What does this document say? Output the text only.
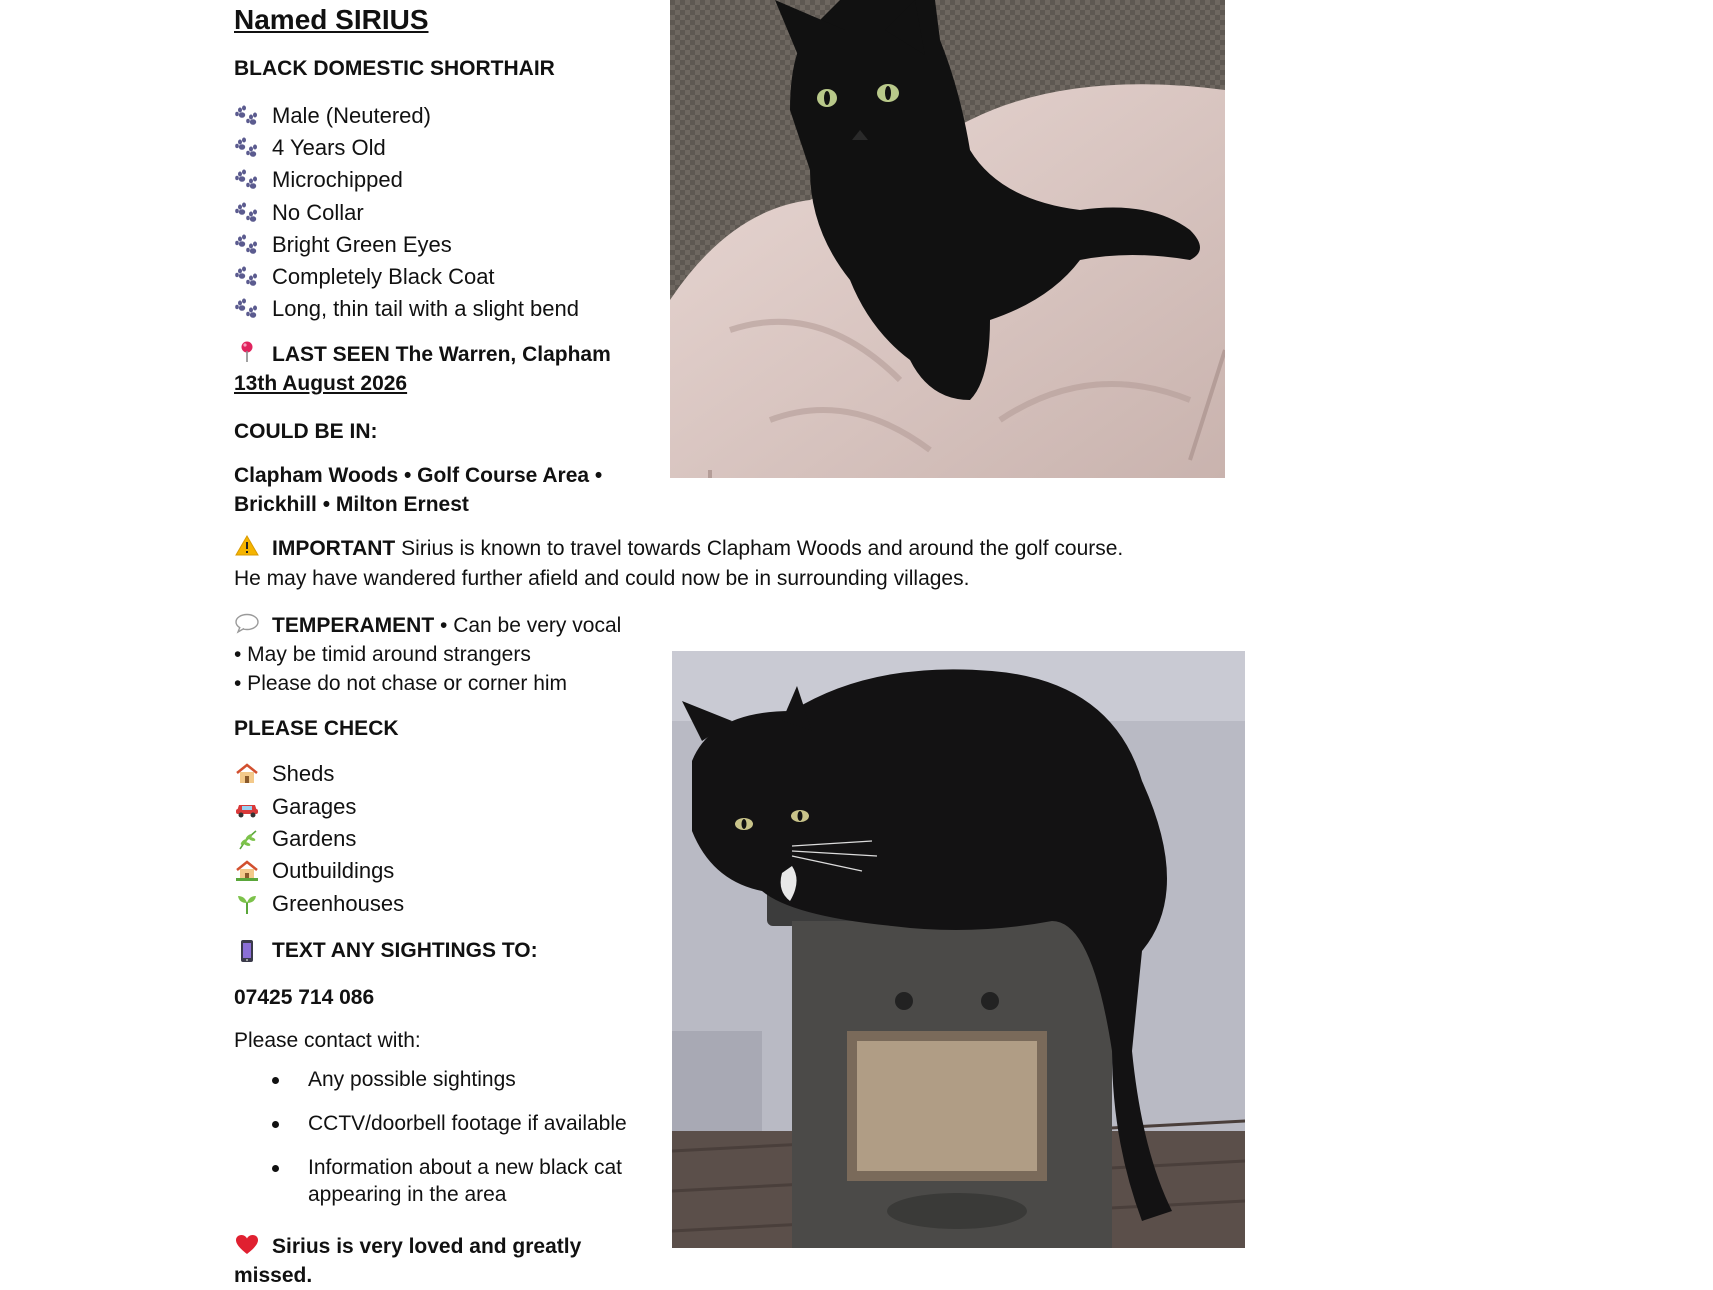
Named SIRIUS
BLACK DOMESTIC SHORTHAIR
Male (Neutered)
4 Years Old
Microchipped
No Collar
Bright Green Eyes
Completely Black Coat
Long, thin tail with a slight bend
LAST SEEN The Warren, Clapham
13th August 2026
COULD BE IN:
Clapham Woods • Golf Course Area • Brickhill • Milton Ernest
IMPORTANT Sirius is known to travel towards Clapham Woods and around the golf course. He may have wandered further afield and could now be in surrounding villages.
TEMPERAMENT • Can be very vocal
• May be timid around strangers
• Please do not chase or corner him
PLEASE CHECK
Sheds
Garages
Gardens
Outbuildings
Greenhouses
TEXT ANY SIGHTINGS TO:
07425 714 086
Please contact with:
Any possible sightings
CCTV/doorbell footage if available
Information about a new black cat appearing in the area
Sirius is very loved and greatly missed.
